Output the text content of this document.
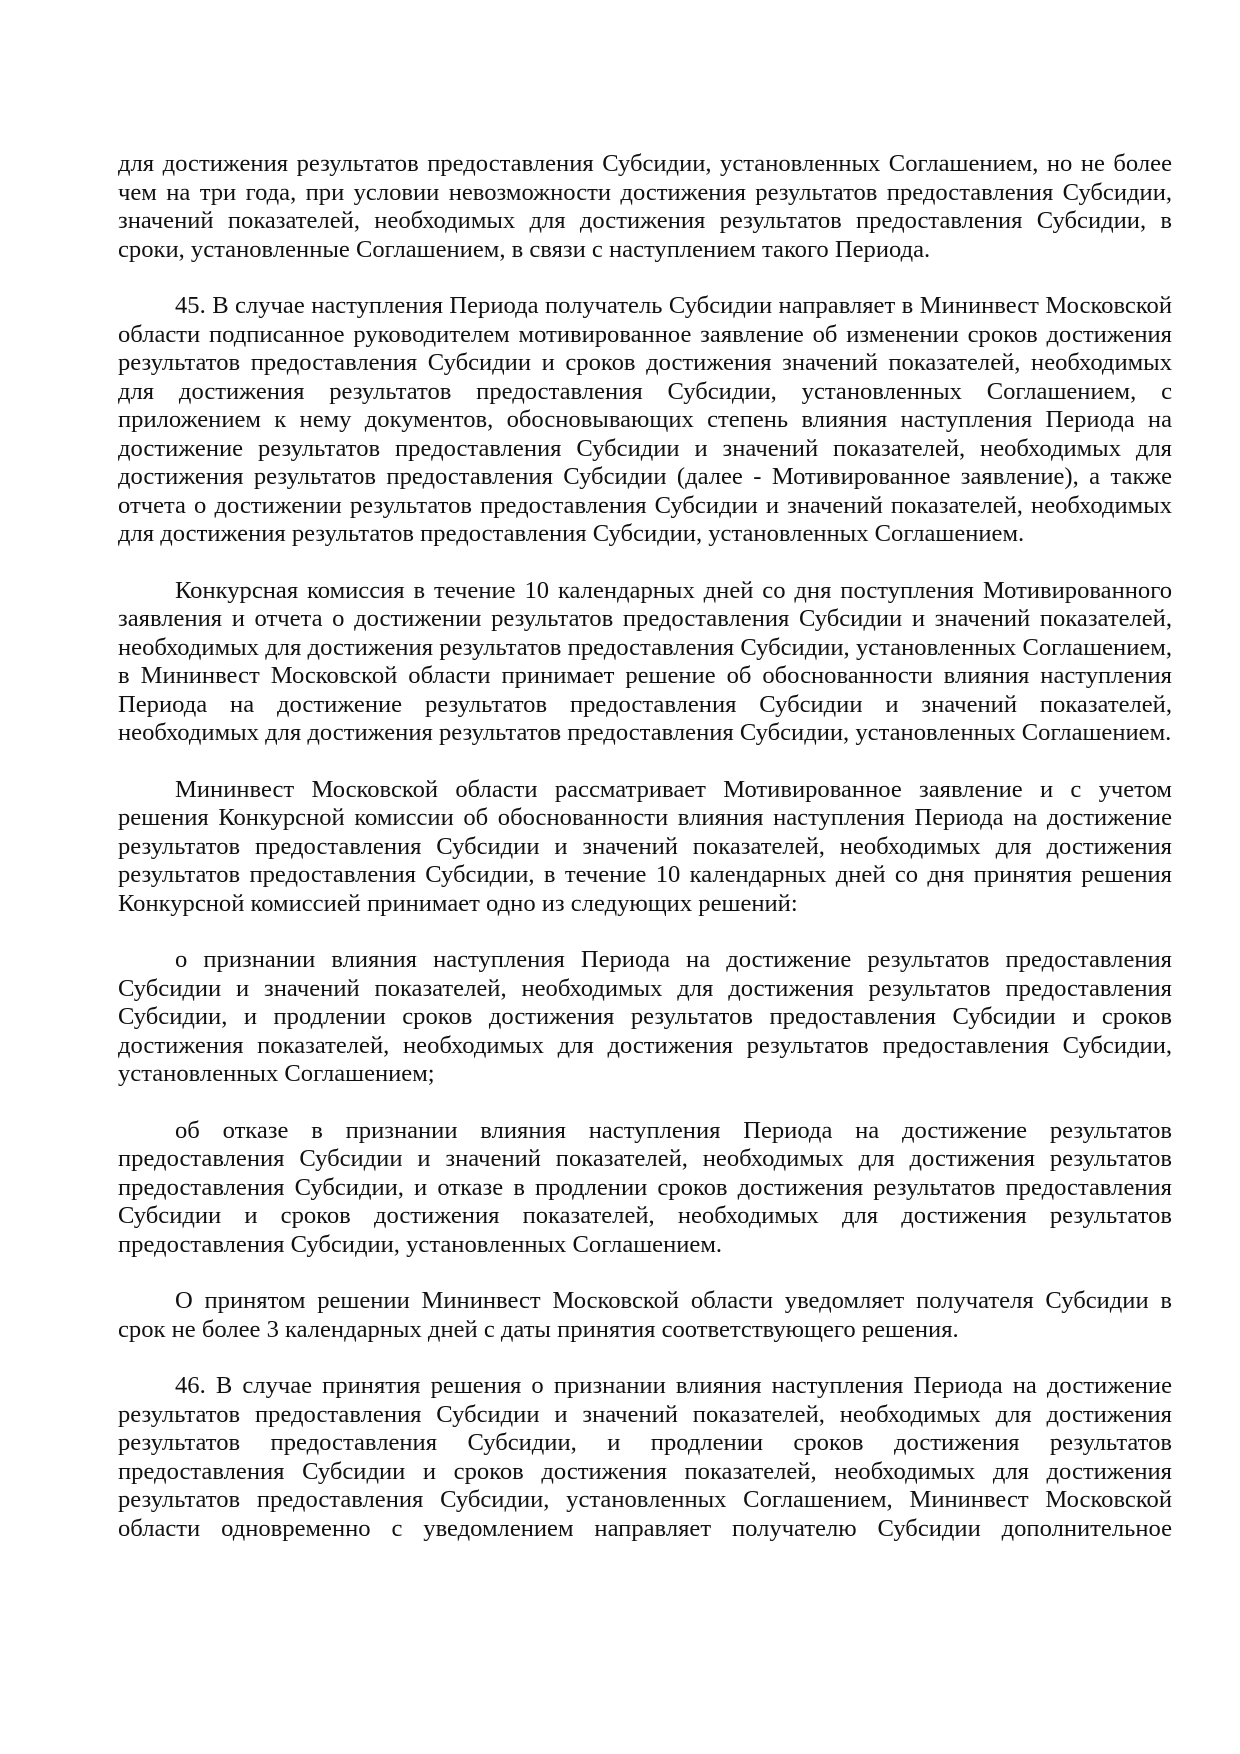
для достижения результатов предоставления Субсидии, установленных Соглашением, но не более чем на три года, при условии невозможности достижения результатов предоставления Субсидии, значений показателей, необходимых для достижения результатов предоставления Субсидии, в сроки, установленные Соглашением, в связи с наступлением такого Периода.

45. В случае наступления Периода получатель Субсидии направляет в Мининвест Московской области подписанное руководителем мотивированное заявление об изменении сроков достижения результатов предоставления Субсидии и сроков достижения значений показателей, необходимых для достижения результатов предоставления Субсидии, установленных Соглашением, с приложением к нему документов, обосновывающих степень влияния наступления Периода на достижение результатов предоставления Субсидии и значений показателей, необходимых для достижения результатов предоставления Субсидии (далее - Мотивированное заявление), а также отчета о достижении результатов предоставления Субсидии и значений показателей, необходимых для достижения результатов предоставления Субсидии, установленных Соглашением.

Конкурсная комиссия в течение 10 календарных дней со дня поступления Мотивированного заявления и отчета о достижении результатов предоставления Субсидии и значений показателей, необходимых для достижения результатов предоставления Субсидии, установленных Соглашением, в Мининвест Московской области принимает решение об обоснованности влияния наступления Периода на достижение результатов предоставления Субсидии и значений показателей, необходимых для достижения результатов предоставления Субсидии, установленных Соглашением.

Мининвест Московской области рассматривает Мотивированное заявление и с учетом решения Конкурсной комиссии об обоснованности влияния наступления Периода на достижение результатов предоставления Субсидии и значений показателей, необходимых для достижения результатов предоставления Субсидии, в течение 10 календарных дней со дня принятия решения Конкурсной комиссией принимает одно из следующих решений:

о признании влияния наступления Периода на достижение результатов предоставления Субсидии и значений показателей, необходимых для достижения результатов предоставления Субсидии, и продлении сроков достижения результатов предоставления Субсидии и сроков достижения показателей, необходимых для достижения результатов предоставления Субсидии, установленных Соглашением;

об отказе в признании влияния наступления Периода на достижение результатов предоставления Субсидии и значений показателей, необходимых для достижения результатов предоставления Субсидии, и отказе в продлении сроков достижения результатов предоставления Субсидии и сроков достижения показателей, необходимых для достижения результатов предоставления Субсидии, установленных Соглашением.

О принятом решении Мининвест Московской области уведомляет получателя Субсидии в срок не более 3 календарных дней с даты принятия соответствующего решения.

46. В случае принятия решения о признании влияния наступления Периода на достижение результатов предоставления Субсидии и значений показателей, необходимых для достижения результатов предоставления Субсидии, и продлении сроков достижения результатов предоставления Субсидии и сроков достижения показателей, необходимых для достижения результатов предоставления Субсидии, установленных Соглашением, Мининвест Московской области одновременно с уведомлением направляет получателю Субсидии дополнительное
